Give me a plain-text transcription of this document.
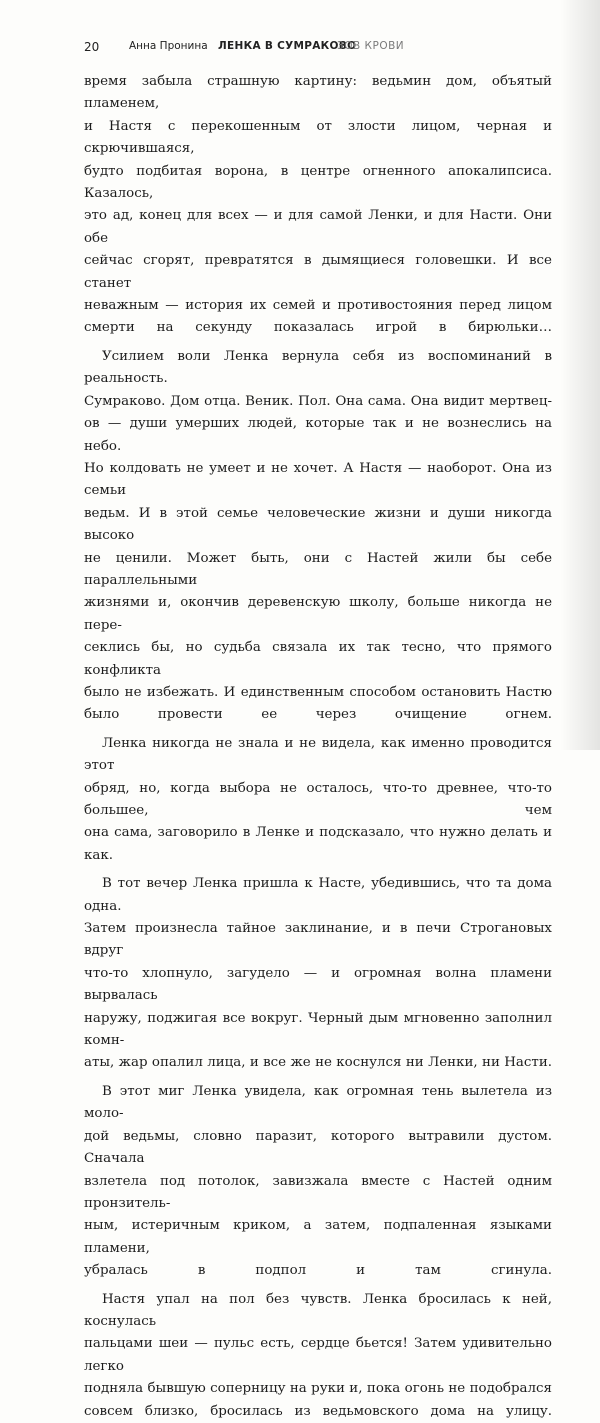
20	Анна Пронина ЛЕНКА В СУМРАКОВО
ЗОВ КРОВИ
время забыла страшную картину: ведьмин дом, объятый пламенем,
и Настя с перекошенным от злости лицом, черная и скрючившаяся,
будто подбитая ворона, в центре огненного апокалипсиса. Казалось,
это ад, конец для всех — и для самой Ленки, и для Насти. Они обе
сейчас сгорят, превратятся в дымящиеся головешки. И все станет
неважным — история их семей и противостояния перед лицом
смерти на секунду показалась игрой в бирюльки…
Усилием воли Ленка вернула себя из воспоминаний в реальность.
Сумраково. Дом отца. Веник. Пол. Она сама. Она видит мертвец-
ов — души умерших людей, которые так и не вознеслись на небо.
Но колдовать не умеет и не хочет. А Настя — наоборот. Она из семьи
ведьм. И в этой семье человеческие жизни и души никогда высоко
не ценили. Может быть, они с Настей жили бы себе параллельными
жизнями и, окончив деревенскую школу, больше никогда не пере-
секлись бы, но судьба связала их так тесно, что прямого конфликта
было не избежать. И единственным способом остановить Настю
было провести ее через очищение огнем.
Ленка никогда не знала и не видела, как именно проводится этот
обряд, но, когда выбора не осталось, что-то древнее, что-то большее, чем
она сама, заговорило в Ленке и подсказало, что нужно делать и как.
В тот вечер Ленка пришла к Насте, убедившись, что та дома одна.
Затем произнесла тайное заклинание, и в печи Строгановых вдруг
что-то хлопнуло, загудело — и огромная волна пламени вырвалась
наружу, поджигая все вокруг. Черный дым мгновенно заполнил комн-
аты, жар опалил лица, и все же не коснулся ни Ленки, ни Насти.
В этот миг Ленка увидела, как огромная тень вылетела из моло-
дой ведьмы, словно паразит, которого вытравили дустом. Сначала
взлетела под потолок, завизжала вместе с Настей одним пронзитель-
ным, истеричным криком, а затем, подпаленная языками пламени,
убралась в подпол и там сгинула.
Настя упал на пол без чувств. Ленка бросилась к ней, коснулась
пальцами шеи — пульс есть, сердце бьется! Затем удивительно легко
подняла бывшую соперницу на руки и, пока огонь не подобрался
совсем близко, бросилась из ведьмовского дома на улицу.
